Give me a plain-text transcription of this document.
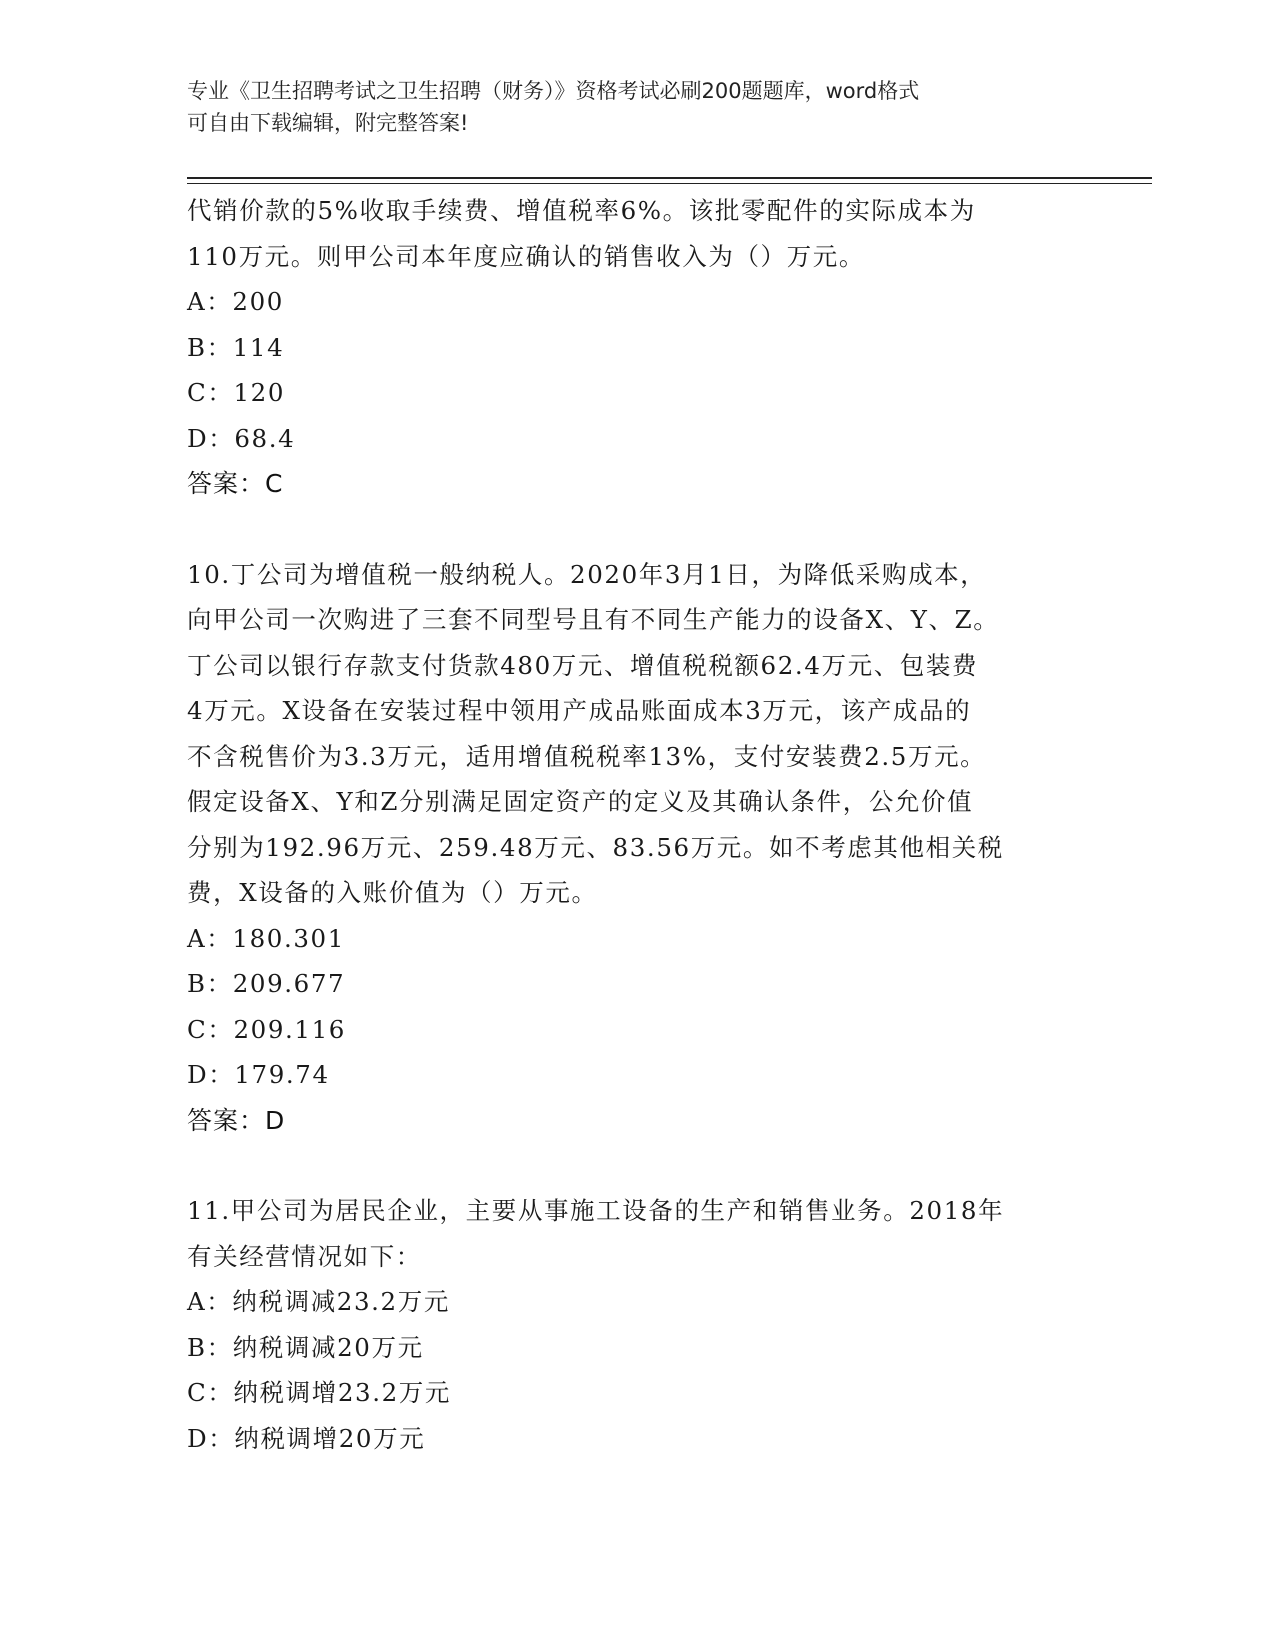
专业《卫生招聘考试之卫生招聘（财务）》资格考试必刷200题题库，word格式

可自由下载编辑，附完整答案!

代销价款的5%收取手续费、增值税率6%。该批零配件的实际成本为

110万元。则甲公司本年度应确认的销售收入为（）万元。

A：200

B：114

C：120

D：68.4

答案：C

10.丁公司为增值税一般纳税人。2020年3月1日，为降低采购成本，

向甲公司一次购进了三套不同型号且有不同生产能力的设备X、Y、Z。

丁公司以银行存款支付货款480万元、增值税税额62.4万元、包装费

4万元。X设备在安装过程中领用产成品账面成本3万元，该产成品的

不含税售价为3.3万元，适用增值税税率13%，支付安装费2.5万元。

假定设备X、Y和Z分别满足固定资产的定义及其确认条件，公允价值

分别为192.96万元、259.48万元、83.56万元。如不考虑其他相关税

费，X设备的入账价值为（）万元。

A：180.301

B：209.677

C：209.116

D：179.74

答案：D

11.甲公司为居民企业，主要从事施工设备的生产和销售业务。2018年

有关经营情况如下：

A：纳税调减23.2万元

B：纳税调减20万元

C：纳税调增23.2万元

D：纳税调增20万元
